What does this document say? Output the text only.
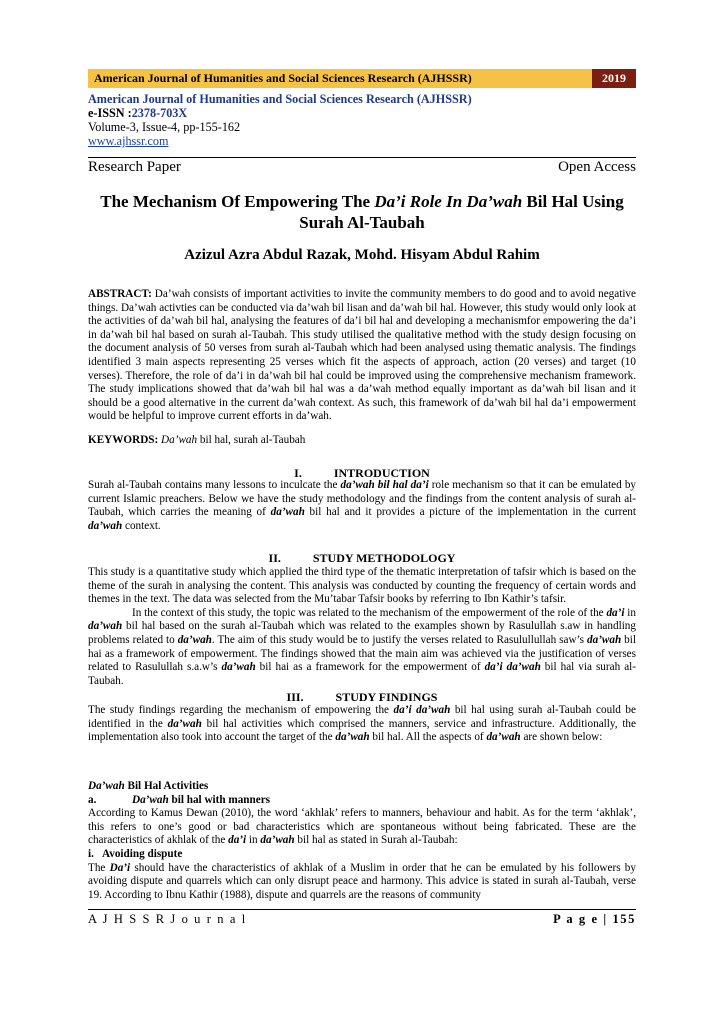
American Journal of Humanities and Social Sciences Research (AJHSSR)	2019
American Journal of Humanities and Social Sciences Research (AJHSSR)
e-ISSN :2378-703X
Volume-3, Issue-4, pp-155-162
www.ajhssr.com
Research Paper	Open Access
The Mechanism Of Empowering The Da’i Role In Da’wah Bil Hal Using Surah Al-Taubah
Azizul Azra Abdul Razak, Mohd. Hisyam Abdul Rahim

ABSTRACT: Da’wah consists of important activities to invite the community members to do good and to avoid negative things. Da’wah activties can be conducted via da’wah bil lisan and da’wah bil hal. However, this study would only look at the activities of da’wah bil hal, analysing the features of da’i bil hal and developing a mechanismfor empowering the da’i in da’wah bil hal based on surah al-Taubah. This study utilised the qualitative method with the study design focusing on the document analysis of 50 verses from surah al-Taubah which had been analysed using thematic analysis. The findings identified 3 main aspects representing 25 verses which fit the aspects of approach, action (20 verses) and target (10 verses). Therefore, the role of da’i in da’wah bil hal could be improved using the comprehensive mechanism framework. The study implications showed that da’wah bil hal was a da’wah method equally important as da’wah bil lisan and it should be a good alternative in the current da’wah context. As such, this framework of da’wah bil hal da’i empowerment would be helpful to improve current efforts in da’wah.

KEYWORDS: Da’wah bil hal, surah al-Taubah

I.	INTRODUCTION

Surah al-Taubah contains many lessons to inculcate the da’wah bil hal da’i role mechanism so that it can be emulated by current Islamic preachers. Below we have the study methodology and the findings from the content analysis of surah al-Taubah, which carries the meaning of da’wah bil hal and it provides a picture of the implementation in the current da’wah context.

II.	STUDY METHODOLOGY

This study is a quantitative study which applied the third type of the thematic interpretation of tafsir which is based on the theme of the surah in analysing the content. This analysis was conducted by counting the frequency of certain words and themes in the text. The data was selected from the Mu’tabar Tafsir books by referring to Ibn Kathir’s tafsir.

In the context of this study, the topic was related to the mechanism of the empowerment of the role of the da’i in da’wah bil hal based on the surah al-Taubah which was related to the examples shown by Rasulullah s.aw in handling problems related to da’wah. The aim of this study would be to justify the verses related to Rasulullullah saw’s da’wah bil hai as a framework of empowerment. The findings showed that the main aim was achieved via the justification of verses related to Rasulullah s.a.w’s da’wah bil hai as a framework for the empowerment of da’i da’wah bil hal via surah al-Taubah.

III.	STUDY FINDINGS

The study findings regarding the mechanism of empowering the da’i da’wah bil hal using surah al-Taubah could be identified in the da’wah bil hal activities which comprised the manners, service and infrastructure. Additionally, the implementation also took into account the target of the da’wah bil hal. All the aspects of da’wah are shown below:

Da’wah Bil Hal Activities

a.	Da’wah bil hal with manners

According to Kamus Dewan (2010), the word ‘akhlak’ refers to manners, behaviour and habit. As for the term ‘akhlak’, this refers to one’s good or bad characteristics which are spontaneous without being fabricated. These are the characteristics of akhlak of the da’i in da’wah bil hal as stated in Surah al-Taubah:

i. Avoiding dispute

The Da’i should have the characteristics of akhlak of a Muslim in order that he can be emulated by his followers by avoiding dispute and quarrels which can only disrupt peace and harmony. This advice is stated in surah al-Taubah, verse 19. According to Ibnu Kathir (1988), dispute and quarrels are the reasons of community

A J H S S R J o u r n a l	P a g e | 155
